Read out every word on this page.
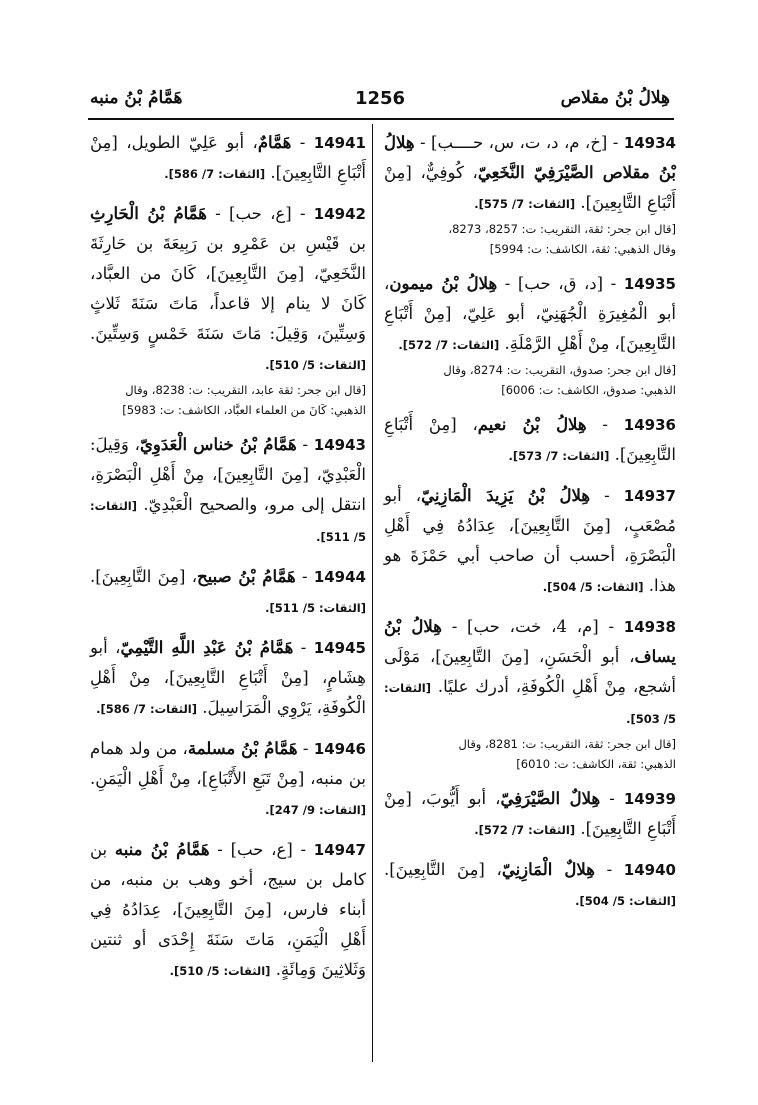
هِلالُ بْنُ مقلاص
1256
هَمَّامُ بْنُ منبه

14934 - [خ، م، د، ت، س، حــــب] - هِلالُ بْنُ مقلاص الصَّيْرَفِيّ النَّخَعِيّ، كُوفِيٌّ، [مِنْ أَتْبَاعِ التَّابِعِينَ]. [الثقات: 7/ 575].

[قال ابن جحر: ثقة، التقريب: ت: 8257، 8273،

وقال الذهبي: ثقة، الكاشف: ت: 5994]

14935 - [د، ق، حب] - هِلالُ بْنُ ميمون، أبو الْمُغِيرَةِ الْجُهَنِيّ، أبو عَلِيّ، [مِنْ أَتْبَاعِ التَّابِعِينَ]، مِنْ أَهْلِ الرَّمْلَةِ. [الثقات: 7/ 572].

[قال ابن جحر: صدوق، التقريب: ت: 8274، وقال

الذهبي: صدوق، الكاشف: ت: 6006]

14936 - هِلالُ بْنُ نعيم، [مِنْ أَتْبَاعِ التَّابِعِينَ]. [الثقات: 7/ 573].

14937 - هِلالُ بْنُ يَزِيدَ الْمَازِنِيّ، أبو مُصْعَبٍ، [مِنَ التَّابِعِينَ]، عِدَادُهُ فِي أَهْلِ الْبَصْرَةِ، أحسب أن صاحب أبي حَمْزَةَ هو هذا. [الثقات: 5/ 504].

14938 - [م، 4، خت، حب] - هِلالُ بْنُ يساف، أبو الْحَسَنِ، [مِنَ التَّابِعِينَ]، مَوْلَى أشجع، مِنْ أَهْلِ الْكُوفَةِ، أدرك عليًا. [الثقات: 5/ 503].

[قال ابن جحر: ثقة، التقريب: ت: 8281، وقال

الذهبي: ثقة، الكاشف: ت: 6010]

14939 - هِلالٌ الصَّيْرَفِيّ، أبو أَيُّوبَ، [مِنْ أَتْبَاعِ التَّابِعِينَ]. [الثقات: 7/ 572].

14940 - هِلالٌ الْمَازِنِيّ، [مِنَ التَّابِعِينَ]. [الثقات: 5/ 504].

14941 - هَمَّامٌ، أبو عَلِيّ الطويل، [مِنْ أَتْبَاعِ التَّابِعِينَ]. [الثقات: 7/ 586].

14942 - [ع، حب] - هَمَّامُ بْنُ الْحَارِثِ بن قَيْسِ بن عَمْرِو بن رَبِيعَةَ بن حَارِثَةَ النَّخَعِيّ، [مِنَ التَّابِعِينَ]، كَانَ من العبَّاد، كَانَ لا ينام إلا قاعداً، مَاتَ سَنَةَ ثَلاثٍ وَسِتِّينَ، وَقِيلَ: مَاتَ سَنَةَ خَمْسٍ وَسِتِّينَ. [الثقات: 5/ 510].

[قال ابن جحر: ثقة عابد، التقريب: ت: 8238، وقال

الذهبي: كَانَ من العلماء العبَّاد، الكاشف: ت: 5983]

14943 - هَمَّامُ بْنُ خناس الْعَدَوِيّ، وَقِيلَ: الْعَبْدِيّ، [مِنَ التَّابِعِينَ]، مِنْ أَهْلِ الْبَصْرَةِ، انتقل إلى مرو، والصحيح الْعَبْدِيّ. [الثقات: 5/ 511].

14944 - هَمَّامُ بْنُ صبيح، [مِنَ التَّابِعِينَ]. [الثقات: 5/ 511].

14945 - هَمَّامُ بْنُ عَبْدِ اللَّهِ التَّيْمِيّ، أبو هِشَامٍ، [مِنْ أَتْبَاعِ التَّابِعِينَ]، مِنْ أَهْلِ الْكُوفَةِ، يَرْوِي الْمَرَاسِيلَ. [الثقات: 7/ 586].

14946 - هَمَّامُ بْنُ مسلمة، من ولد همام بن منبه، [مِنْ تَبَعِ الأَتْبَاعِ]، مِنْ أَهْلِ الْيَمَنِ. [الثقات: 9/ 247].

14947 - [ع، حب] - هَمَّامُ بْنُ منبه بن كامل بن سيج، أخو وهب بن منبه، من أبناء فارس، [مِنَ التَّابِعِينَ]، عِدَادُهُ فِي أَهْلِ الْيَمَنِ، مَاتَ سَنَةَ إِحْدَى أو ثنتين وَثَلاثِينَ وَمِائَةٍ. [الثقات: 5/ 510].
